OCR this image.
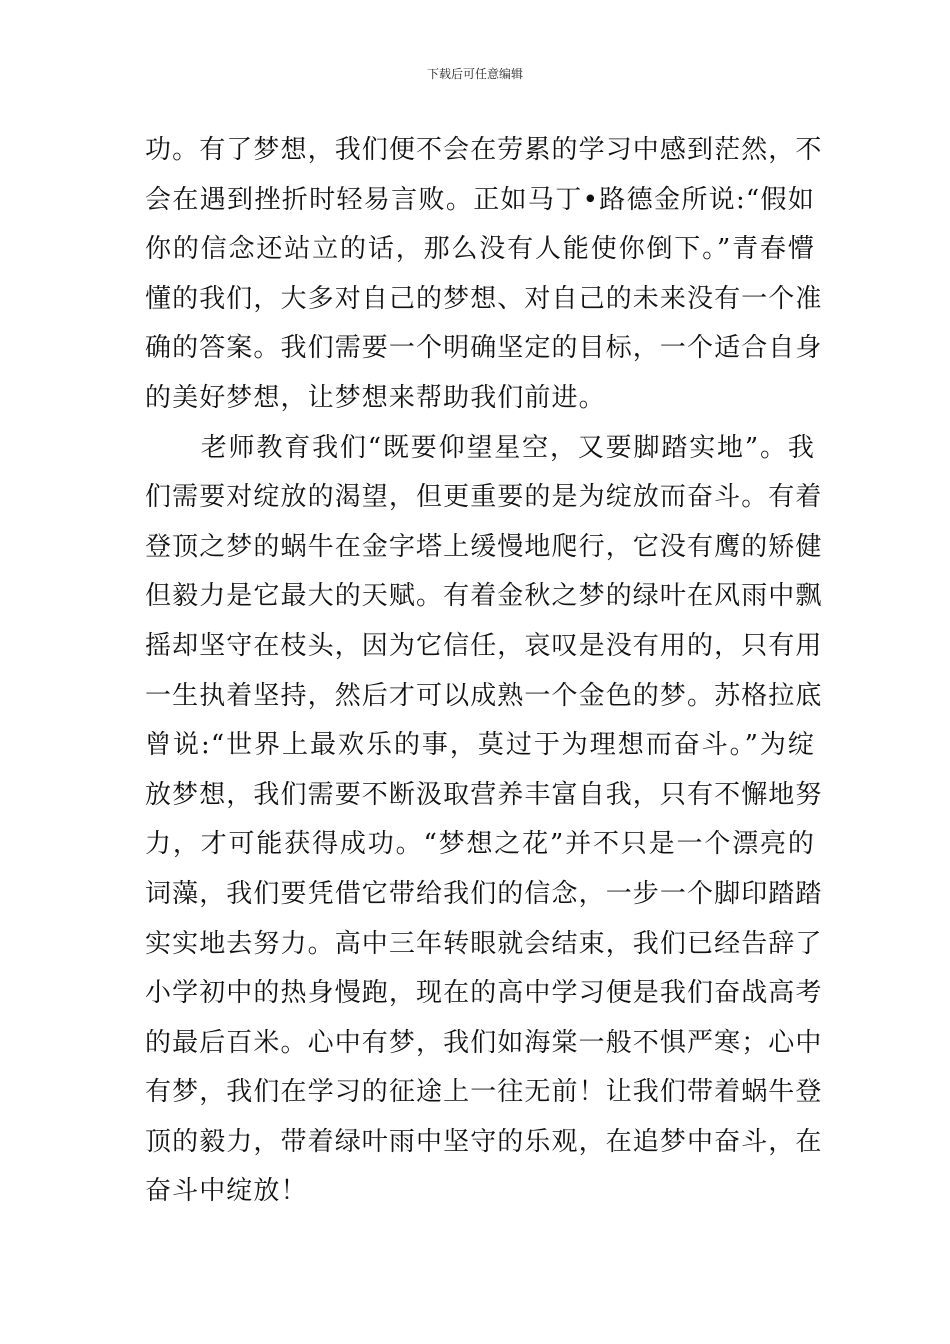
下载后可任意编辑
功。有了梦想，我们便不会在劳累的学习中感到茫然，不
会在遇到挫折时轻易言败。正如马丁•路德金所说:“假如
你的信念还站立的话，那么没有人能使你倒下。”青春懵
懂的我们，大多对自己的梦想、对自己的未来没有一个准
确的答案。我们需要一个明确坚定的目标，一个适合自身
的美好梦想，让梦想来帮助我们前进。
　　老师教育我们“既要仰望星空，又要脚踏实地”。我
们需要对绽放的渴望，但更重要的是为绽放而奋斗。有着
登顶之梦的蜗牛在金字塔上缓慢地爬行，它没有鹰的矫健
但毅力是它最大的天赋。有着金秋之梦的绿叶在风雨中飘
摇却坚守在枝头，因为它信任，哀叹是没有用的，只有用
一生执着坚持，然后才可以成熟一个金色的梦。苏格拉底
曾说:“世界上最欢乐的事，莫过于为理想而奋斗。”为绽
放梦想，我们需要不断汲取营养丰富自我，只有不懈地努
力，才可能获得成功。“梦想之花”并不只是一个漂亮的
词藻，我们要凭借它带给我们的信念，一步一个脚印踏踏
实实地去努力。高中三年转眼就会结束，我们已经告辞了
小学初中的热身慢跑，现在的高中学习便是我们奋战高考
的最后百米。心中有梦，我们如海棠一般不惧严寒；心中
有梦，我们在学习的征途上一往无前！让我们带着蜗牛登
顶的毅力，带着绿叶雨中坚守的乐观，在追梦中奋斗，在
奋斗中绽放！
